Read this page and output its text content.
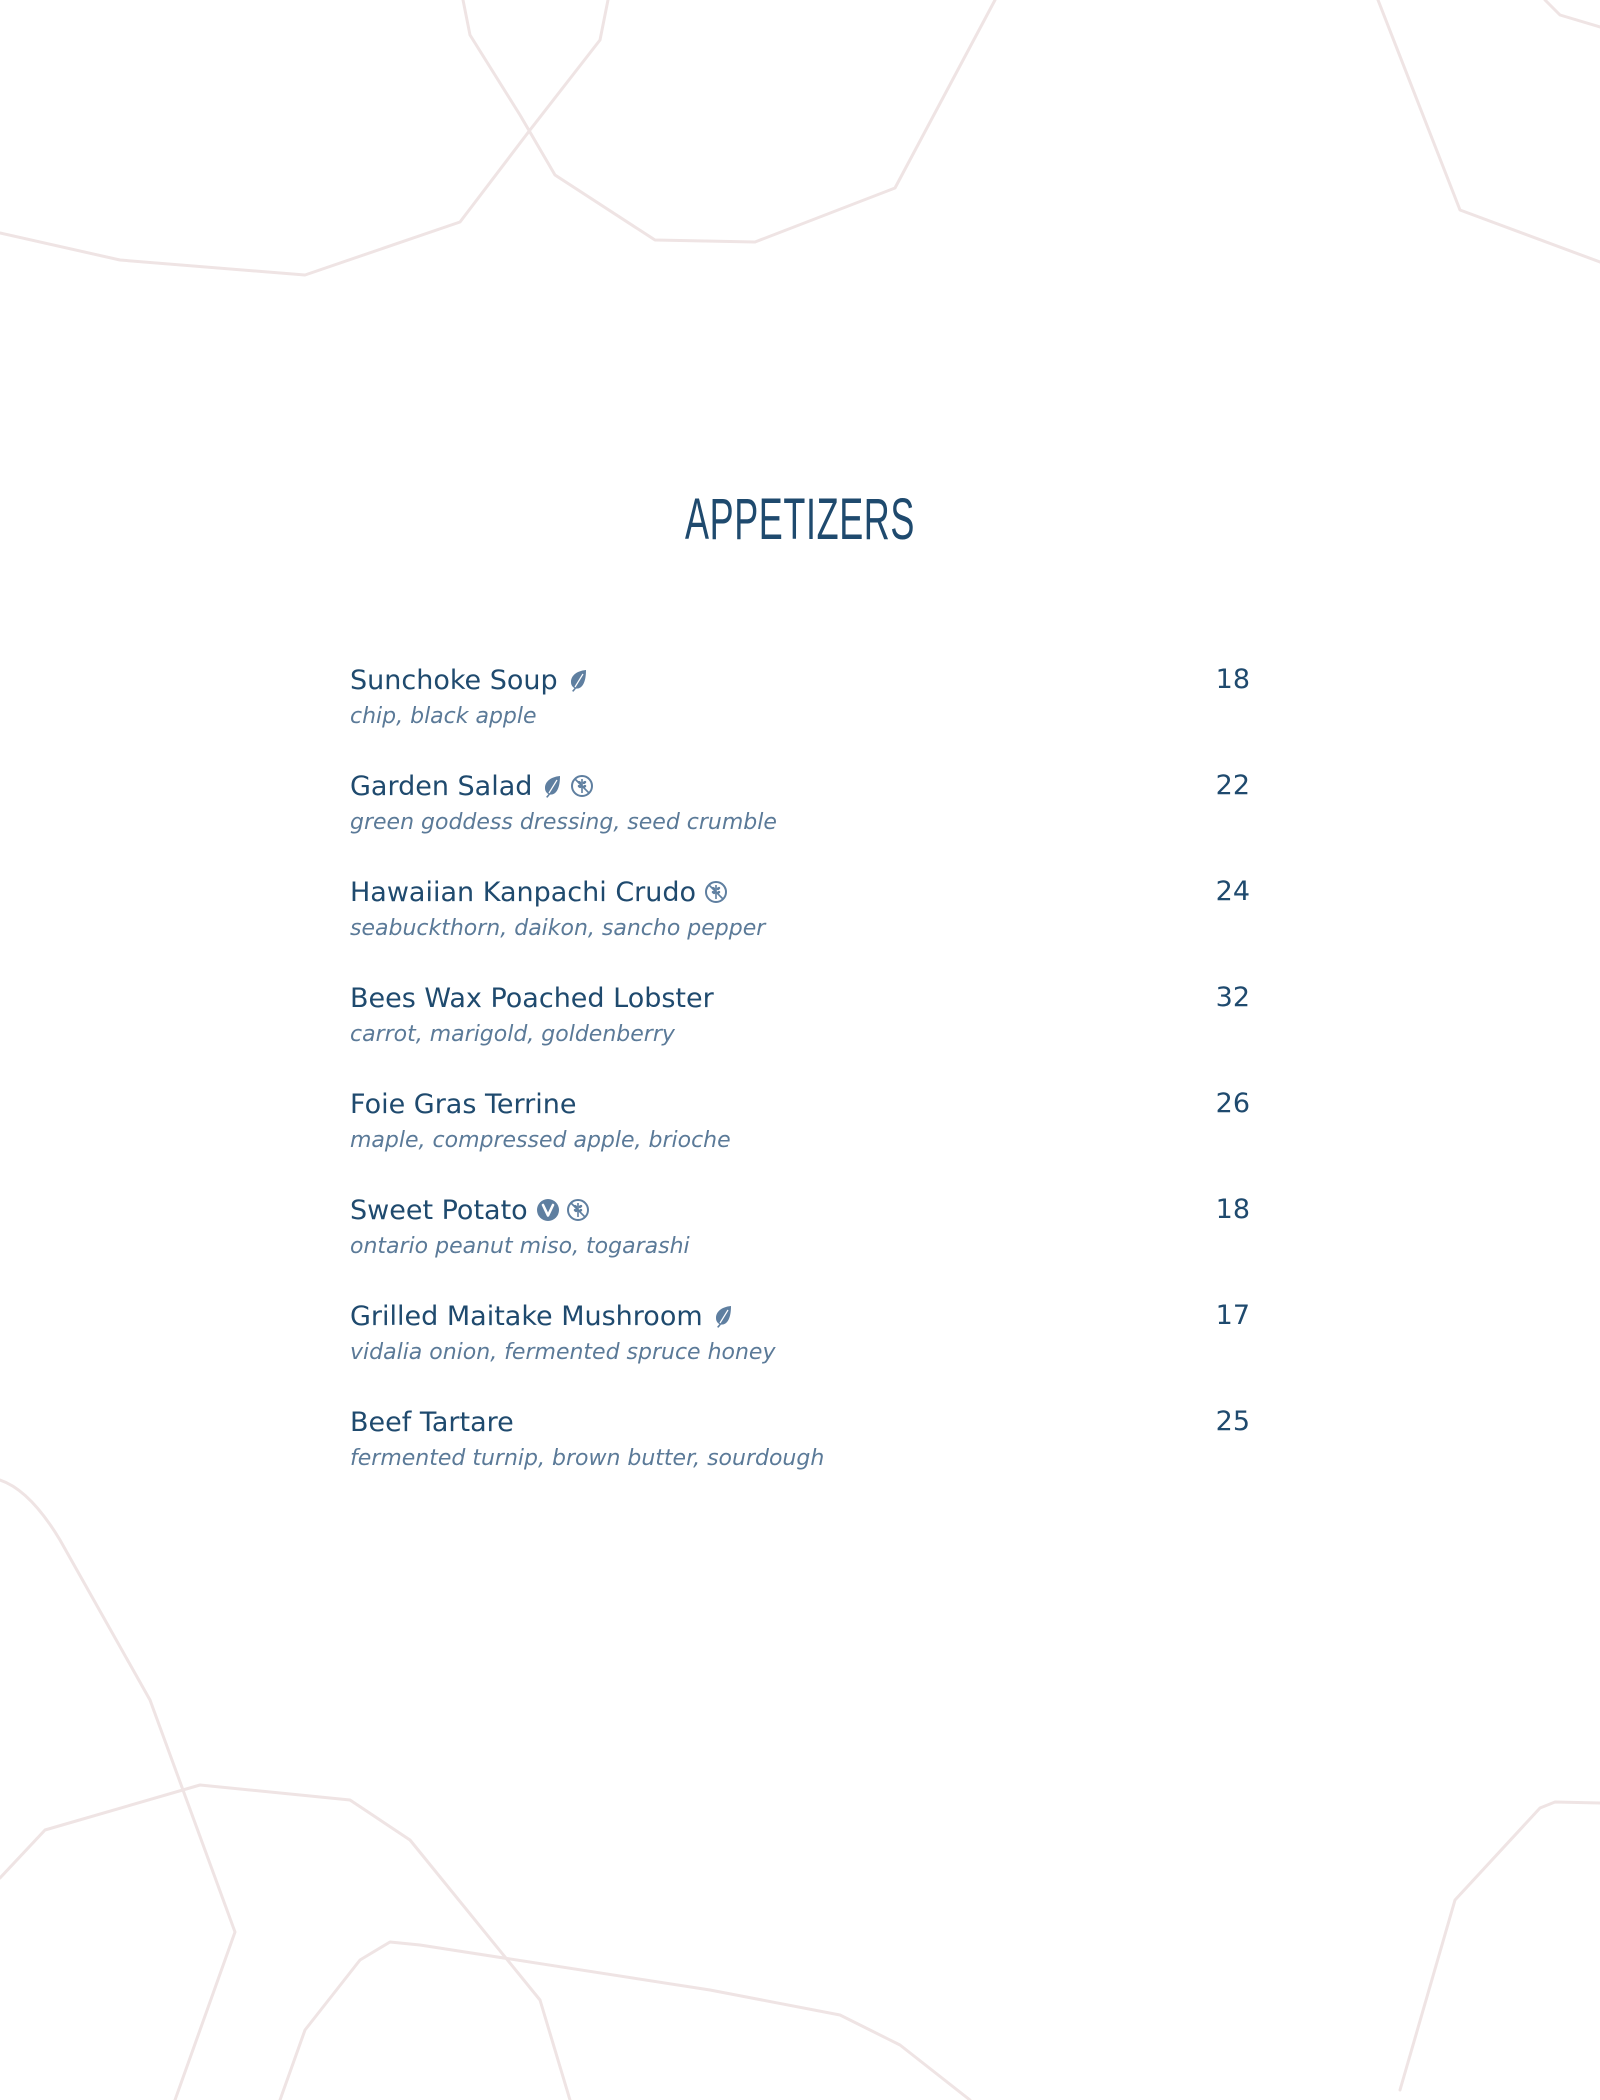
APPETIZERS
Sunchoke Soup	18
chip, black apple
Garden Salad	22
green goddess dressing, seed crumble
Hawaiian Kanpachi Crudo	24
seabuckthorn, daikon, sancho pepper
Bees Wax Poached Lobster	32
carrot, marigold, goldenberry
Foie Gras Terrine	26
maple, compressed apple, brioche
Sweet Potato	18
ontario peanut miso, togarashi
Grilled Maitake Mushroom	17
vidalia onion, fermented spruce honey
Beef Tartare	25
fermented turnip, brown butter, sourdough
